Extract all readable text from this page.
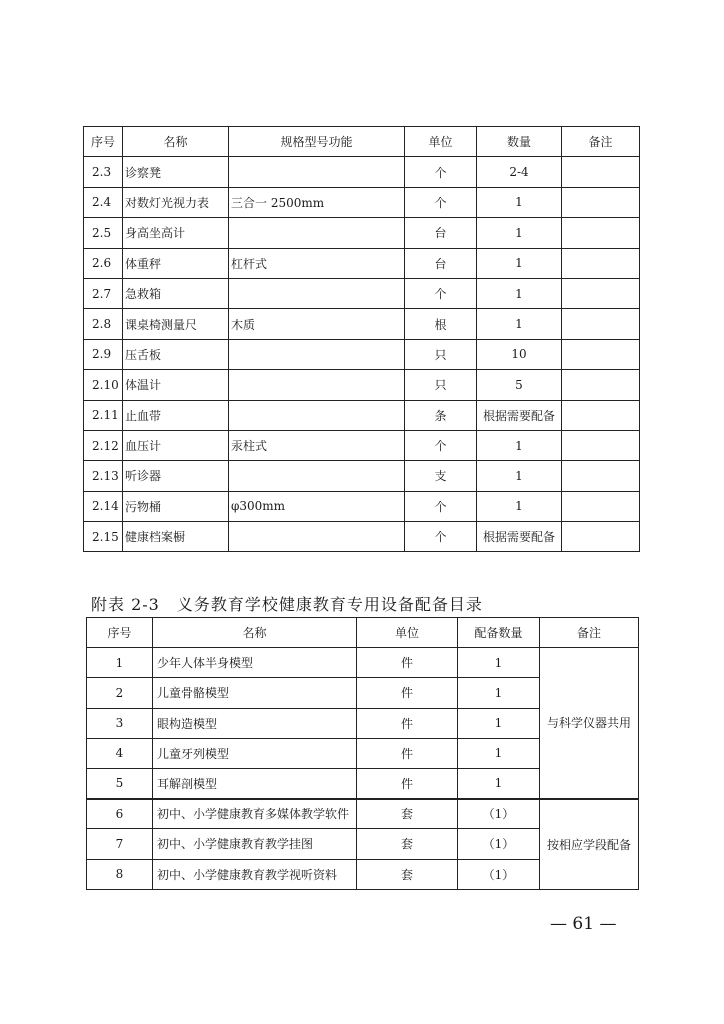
序号	名称	规格型号功能	单位	数量	备注
2.3	诊察凳		个	2-4	
2.4	对数灯光视力表	三合一 2500mm	个	1	
2.5	身高坐高计		台	1	
2.6	体重秤	杠杆式	台	1	
2.7	急救箱		个	1	
2.8	课桌椅测量尺	木质	根	1	
2.9	压舌板		只	10	
2.10	体温计		只	5	
2.11	止血带		条	根据需要配备	
2.12	血压计	汞柱式	个	1	
2.13	听诊器		支	1	
2.14	污物桶	φ300mm	个	1	
2.15	健康档案橱		个	根据需要配备	
附表 2-3　义务教育学校健康教育专用设备配备目录
序号	名称	单位	配备数量	备注
1	少年人体半身模型	件	1	与科学仪器共用
2	儿童骨骼模型	件	1	
3	眼构造模型	件	1	
4	儿童牙列模型	件	1	
5	耳解剖模型	件	1	
6	初中、小学健康教育多媒体教学软件	套	（1）	按相应学段配备
7	初中、小学健康教育教学挂图	套	（1）	
8	初中、小学健康教育教学视听资料	套	（1）	
— 61 —
